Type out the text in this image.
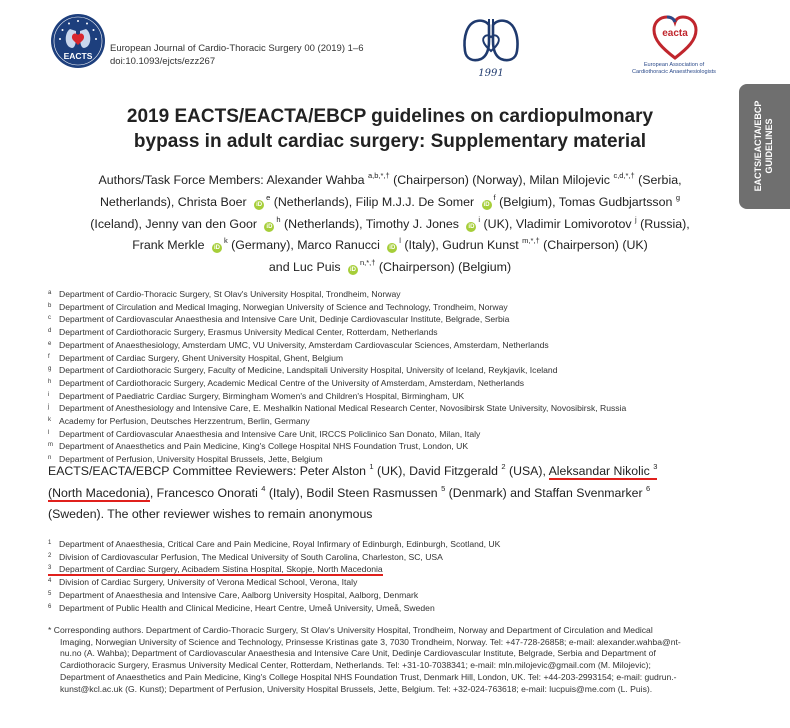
EACTS
European Journal of Cardio-Thoracic Surgery 00 (2019) 1–6
doi:10.1093/ejcts/ezz267
1991
eacta
European Association of
Cardiothoracic Anaesthesiologists
EACTS/EACTA/EBCP GUIDELINES
2019 EACTS/EACTA/EBCP guidelines on cardiopulmonary
bypass in adult cardiac surgery: Supplementary material
Authors/Task Force Members: Alexander Wahba $^{a,b,*,\dagger}$ (Chairperson) (Norway), Milan Milojevic $^{c,d,*,\dagger}$ (Serbia,
Netherlands), Christa Boer $iD^e$ (Netherlands), Filip M.J.J. De Somer $iD^f$ (Belgium), Tomas Gudbjartsson $^g$
(Iceland), Jenny van den Goor $iD^h$ (Netherlands), Timothy J. Jones $iD^i$ (UK), Vladimir Lomivorotov $^j$ (Russia),
Frank Merkle $iD^k$ (Germany), Marco Ranucci $iD^l$ (Italy), Gudrun Kunst $^{m,*,\dagger}$ (Chairperson) (UK)
and Luc Puis $iD^{n,*,\dagger}$ (Chairperson) (Belgium)
a Department of Cardio-Thoracic Surgery, St Olav's University Hospital, Trondheim, Norway
b Department of Circulation and Medical Imaging, Norwegian University of Science and Technology, Trondheim, Norway
c Department of Cardiovascular Anaesthesia and Intensive Care Unit, Dedinje Cardiovascular Institute, Belgrade, Serbia
d Department of Cardiothoracic Surgery, Erasmus University Medical Center, Rotterdam, Netherlands
e Department of Anaesthesiology, Amsterdam UMC, VU University, Amsterdam Cardiovascular Sciences, Amsterdam, Netherlands
f Department of Cardiac Surgery, Ghent University Hospital, Ghent, Belgium
g Department of Cardiothoracic Surgery, Faculty of Medicine, Landspitali University Hospital, University of Iceland, Reykjavik, Iceland
h Department of Cardiothoracic Surgery, Academic Medical Centre of the University of Amsterdam, Amsterdam, Netherlands
i Department of Paediatric Cardiac Surgery, Birmingham Women's and Children's Hospital, Birmingham, UK
j Department of Anesthesiology and Intensive Care, E. Meshalkin National Medical Research Center, Novosibirsk State University, Novosibirsk, Russia
k Academy for Perfusion, Deutsches Herzzentrum, Berlin, Germany
l Department of Cardiovascular Anaesthesia and Intensive Care Unit, IRCCS Policlinico San Donato, Milan, Italy
m Department of Anaesthetics and Pain Medicine, King's College Hospital NHS Foundation Trust, London, UK
n Department of Perfusion, University Hospital Brussels, Jette, Belgium
EACTS/EACTA/EBCP Committee Reviewers: Peter Alston $^1$ (UK), David Fitzgerald $^2$ (USA), Aleksandar Nikolic $^3$
(North Macedonia), Francesco Onorati $^4$ (Italy), Bodil Steen Rasmussen $^5$ (Denmark) and Staffan Svenmarker $^6$
(Sweden). The other reviewer wishes to remain anonymous
1 Department of Anaesthesia, Critical Care and Pain Medicine, Royal Infirmary of Edinburgh, Edinburgh, Scotland, UK
2 Division of Cardiovascular Perfusion, The Medical University of South Carolina, Charleston, SC, USA
3 Department of Cardiac Surgery, Acibadem Sistina Hospital, Skopje, North Macedonia
4 Division of Cardiac Surgery, University of Verona Medical School, Verona, Italy
5 Department of Anaesthesia and Intensive Care, Aalborg University Hospital, Aalborg, Denmark
6 Department of Public Health and Clinical Medicine, Heart Centre, Umeå University, Umeå, Sweden
* Corresponding authors. Department of Cardio-Thoracic Surgery, St Olav's University Hospital, Trondheim, Norway and Department of Circulation and Medical
Imaging, Norwegian University of Science and Technology, Prinsesse Kristinas gate 3, 7030 Trondheim, Norway. Tel: +47-728-26858; e-mail: alexander.wahba@nt-
nu.no (A. Wahba); Department of Cardiovascular Anaesthesia and Intensive Care Unit, Dedinje Cardiovascular Institute, Belgrade, Serbia and Department of
Cardiothoracic Surgery, Erasmus University Medical Center, Rotterdam, Netherlands. Tel: +31-10-7038341; e-mail: mln.milojevic@gmail.com (M. Milojevic);
Department of Anaesthetics and Pain Medicine, King's College Hospital NHS Foundation Trust, Denmark Hill, London, UK. Tel: +44-203-2993154; e-mail: gudrun.-
kunst@kcl.ac.uk (G. Kunst); Department of Perfusion, University Hospital Brussels, Jette, Belgium. Tel: +32-024-763618; e-mail: lucpuis@me.com (L. Puis).
